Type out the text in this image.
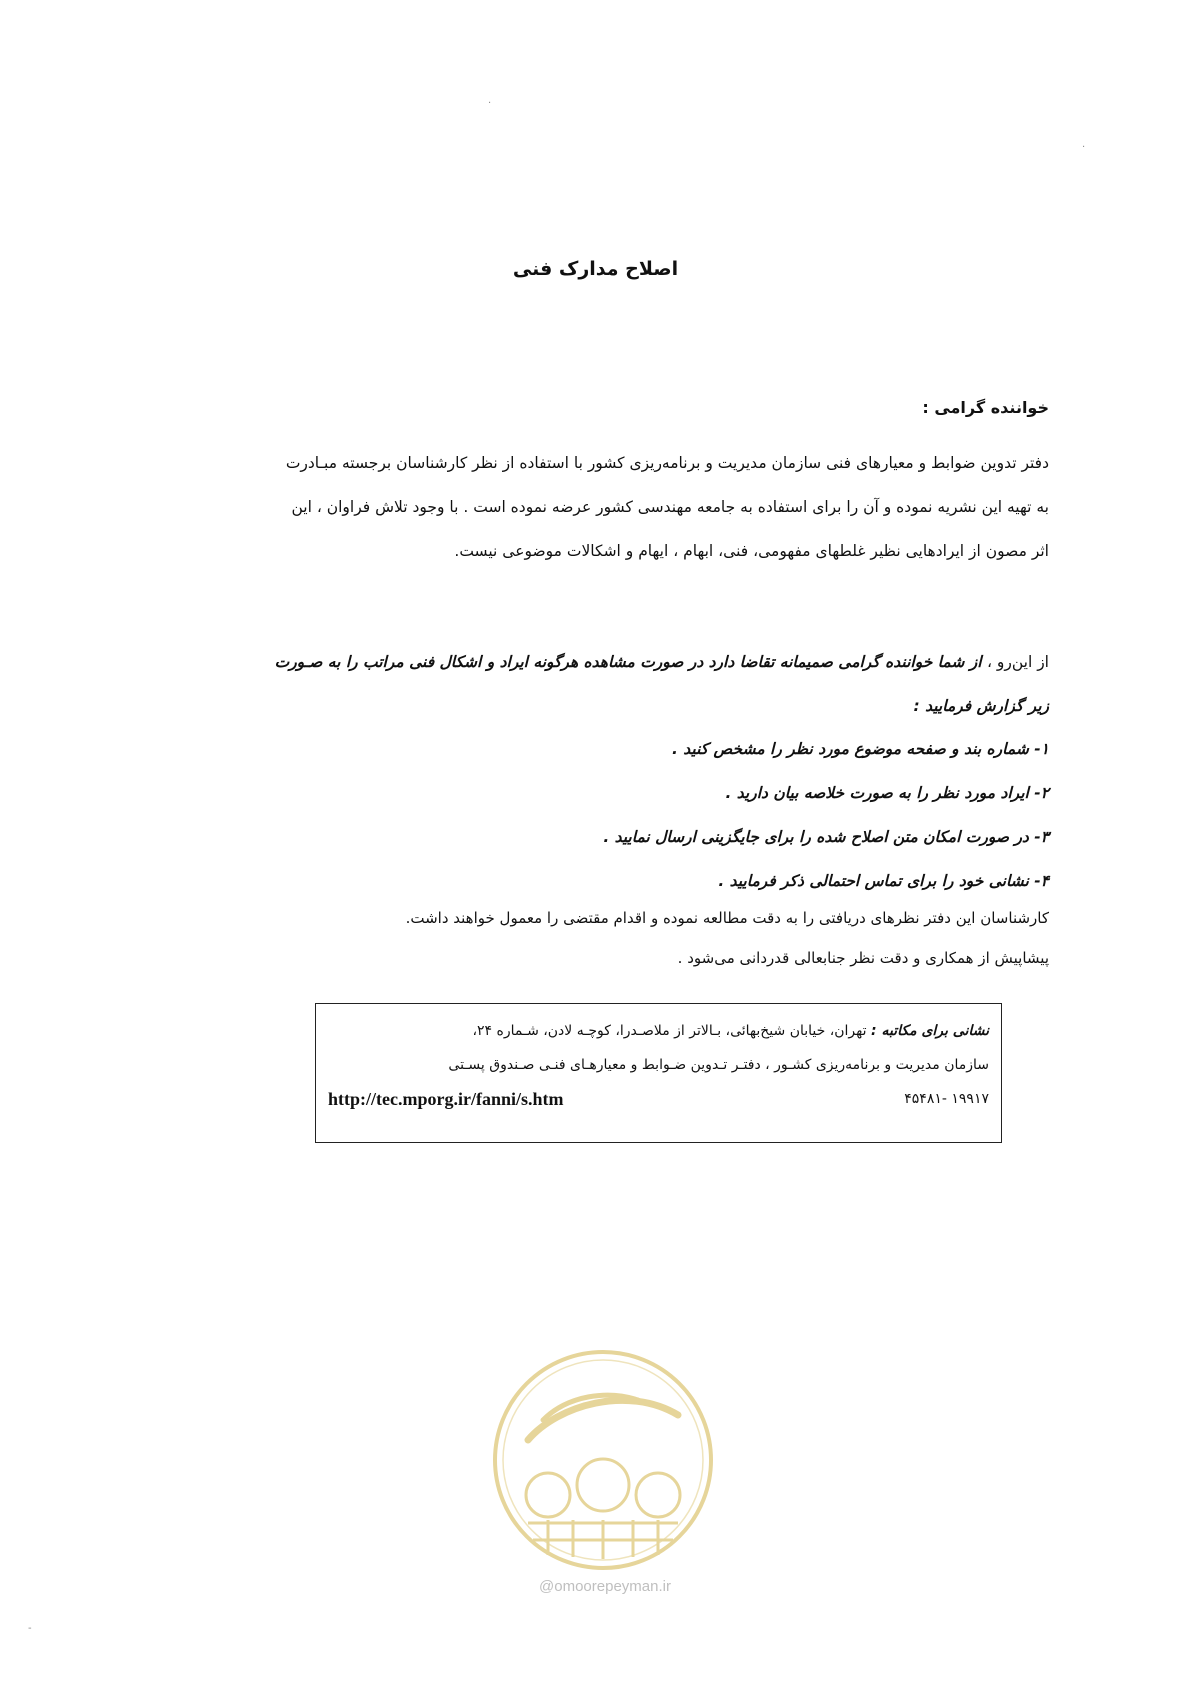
·
·
-
اصلاح مدارک فنی
خواننده گرامی :
دفتر تدوین ضوابط و معیارهای فنی سازمان مدیریت و برنامه‌ریزی کشور با استفاده از نظر کارشناسان برجسته مبـادرت
به تهیه این نشریه نموده و آن را برای استفاده به جامعه مهندسی کشور عرضه نموده است . با وجود تلاش فراوان ، این
اثر مصون از ایرادهایی نظیر غلطهای مفهومی، فنی، ابهام ، ایهام و اشکالات موضوعی نیست.
از این‌رو ، از شما خواننده گرامی صمیمانه تقاضا دارد در صورت مشاهده هرگونه ایراد و اشکال فنی مراتب را به صـورت
زیر گزارش فرمایید :
۱- شماره بند و صفحه موضوع مورد نظر را مشخص کنید .
۲- ایراد مورد نظر را به صورت خلاصه بیان دارید .
۳- در صورت امکان متن اصلاح شده را برای جایگزینی ارسال نمایید .
۴- نشانی خود را برای تماس احتمالی ذکر فرمایید .
کارشناسان این دفتر نظرهای دریافتی را به دقت مطالعه نموده و اقدام مقتضی را معمول خواهند داشت.
پیشاپیش از همکاری و دقت نظر جنابعالی قدردانی می‌شود .
نشانی برای مکاتبه : تهران، خیابان شیخ‌بهائی، بـالاتر از ملاصـدرا، کوچـه لادن، شـماره ۲۴،
سازمان مدیریت و برنامه‌ریزی کشـور ، دفتـر تـدوین ضـوابط و معیارهـای فنـی صـندوق پسـتی
۱۹۹۱۷ -۴۵۴۸۱
http://tec.mporg.ir/fanni/s.htm
@omoorepeyman.ir
